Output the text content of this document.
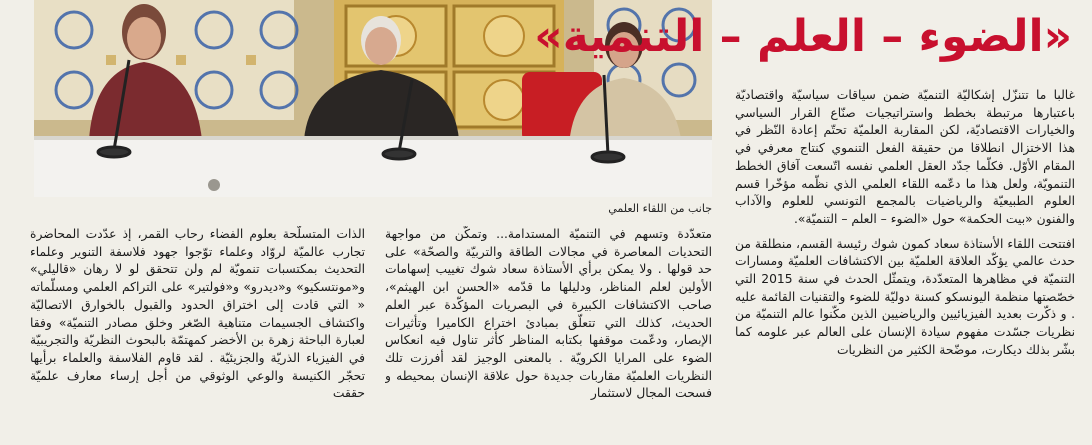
جانب من اللقاء العلمي
«الضوء – العلم – التنمية»

غالبا ما تتنزّل إشكاليّة التنميّة ضمن سياقات سياسيّة واقتصاديّة باعتبارها مرتبطة بخطط واستراتيجيات صنّاع القرار السياسي والخيارات الاقتصاديّة، لكن المقاربة العلميّة تحتّم إعادة النّظر في هذا الاختزال انطلاقا من حقيقة الفعل التنموي كنتاج معرفي في المقام الأوّل. فكلّما جدّد العقل العلمي نفسه اتّسعت آفاق الخطط التنمويّة، ولعل هذا ما دعّمه اللقاء العلمي الذي نظّمه مؤخّرا قسم العلوم الطبيعيّة والرياضيات بالمجمع التونسي للعلوم والآداب والفنون «بيت الحكمة» حول «الضوء – العلم – التنميّة».

افتتحت اللقاء الأستاذة سعاد كمون شوك رئيسة القسم، منطلقة من حدث عالمي يؤكّد العلاقة العلميّة بين الاكتشافات العلميّة ومسارات التنميّة في مظاهرها المتعدّدة، ويتمثّل الحدث في سنة 2015 التي خصّصتها منظمة اليونسكو كسنة دوليّة للضوء والتقنيات القائمة عليه . و ذكّرت بعديد الفيزيائيين والرياضيين الذين مكّنوا عالم التنميّة من نظريات جسّدت مفهوم سيادة الإنسان على العالم عبر علومه كما بشّر بذلك ديكارت، موضّحة الكثير من النظريات

متعدّدة وتسهم في التنميّة المستدامة... وتمكّن من مواجهة التحديات المعاصرة في مجالات الطاقة والتربيّة والصحّة» على حد قولها . ولا يمكن برأي الأستاذة سعاد شوك تغييب إسهامات الأولين لعلم المناظر، ودليلها ما قدّمه «الحسن ابن الهيثم»، صاحب الاكتشافات الكبيرة في البصريات المؤكّدة عبر العلم الحديث، كذلك التي تتعلّق بمبادئ اختراع الكاميرا وتأثيرات الإبصار، ودعّمت موقفها بكتابه المناظر كأثر تناول فيه انعكاس الضوء على المرايا الكرويّة . بالمعنى الوجيز لقد أفرزت تلك النظريات العلميّة مقاربات جديدة حول علاقة الإنسان بمحيطه و فسحت المجال لاستثمار

الذات المتسلّحة بعلوم الفضاء رحاب القمر، إذ عدّدت المحاضرة تجارب عالميّة لروّاد وعلماء توّجوا جهود فلاسفة التنوير وعلماء التحديث بمكتسبات تنمويّة لم ولن تتحقق لو لا رهان «قاليلي» و«مونتسكيو» و«ديدرو» و«فولتير» على التراكم العلمي ومسلّماته « التي قادت إلى اختراق الحدود والقبول بالخوارق الاتصاليّة واكتشاف الجسيمات متناهية الصّغر وخلق مصادر التنميّة» وفقا لعبارة الباحثة زهرة بن الأخضر كمهتمّة بالبحوث النظريّة والتجريبيّة في الفيزياء الذريّة والجزيئيّة . لقد قاوم الفلاسفة والعلماء برأيها تحجّر الكنيسة والوعي الوثوقي من أجل إرساء معارف علميّة حققت
